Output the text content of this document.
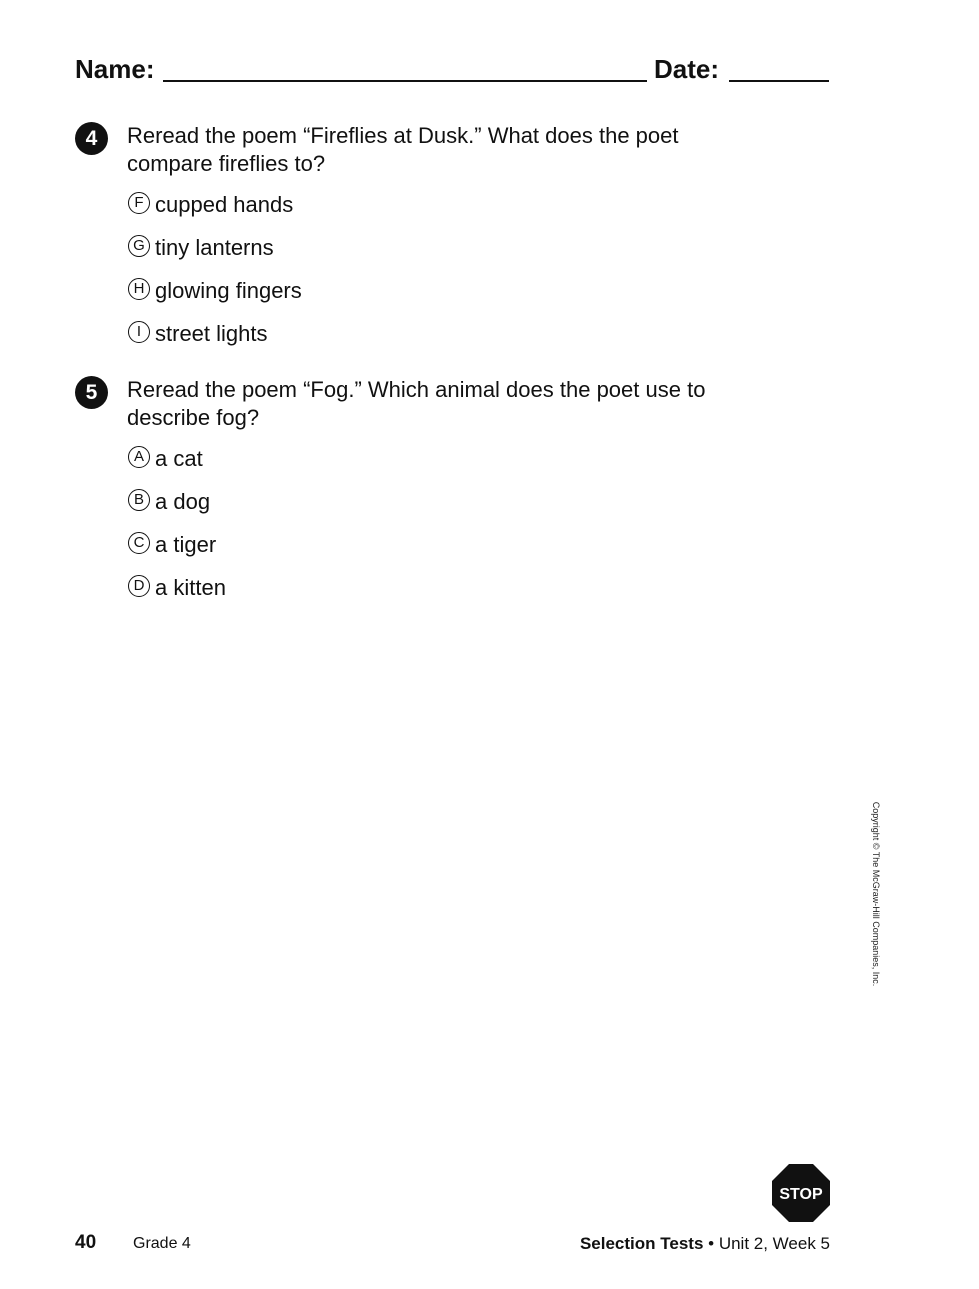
Name:	Date:
4	Reread the poem “Fireflies at Dusk.” What does the poet compare fireflies to?
F cupped hands
G tiny lanterns
H glowing fingers
I street lights
5	Reread the poem “Fog.” Which animal does the poet use to describe fog?
A a cat
B a dog
C a tiger
D a kitten
Copyright © The McGraw-Hill Companies, Inc.
STOP
40 Grade 4	Selection Tests • Unit 2, Week 5
